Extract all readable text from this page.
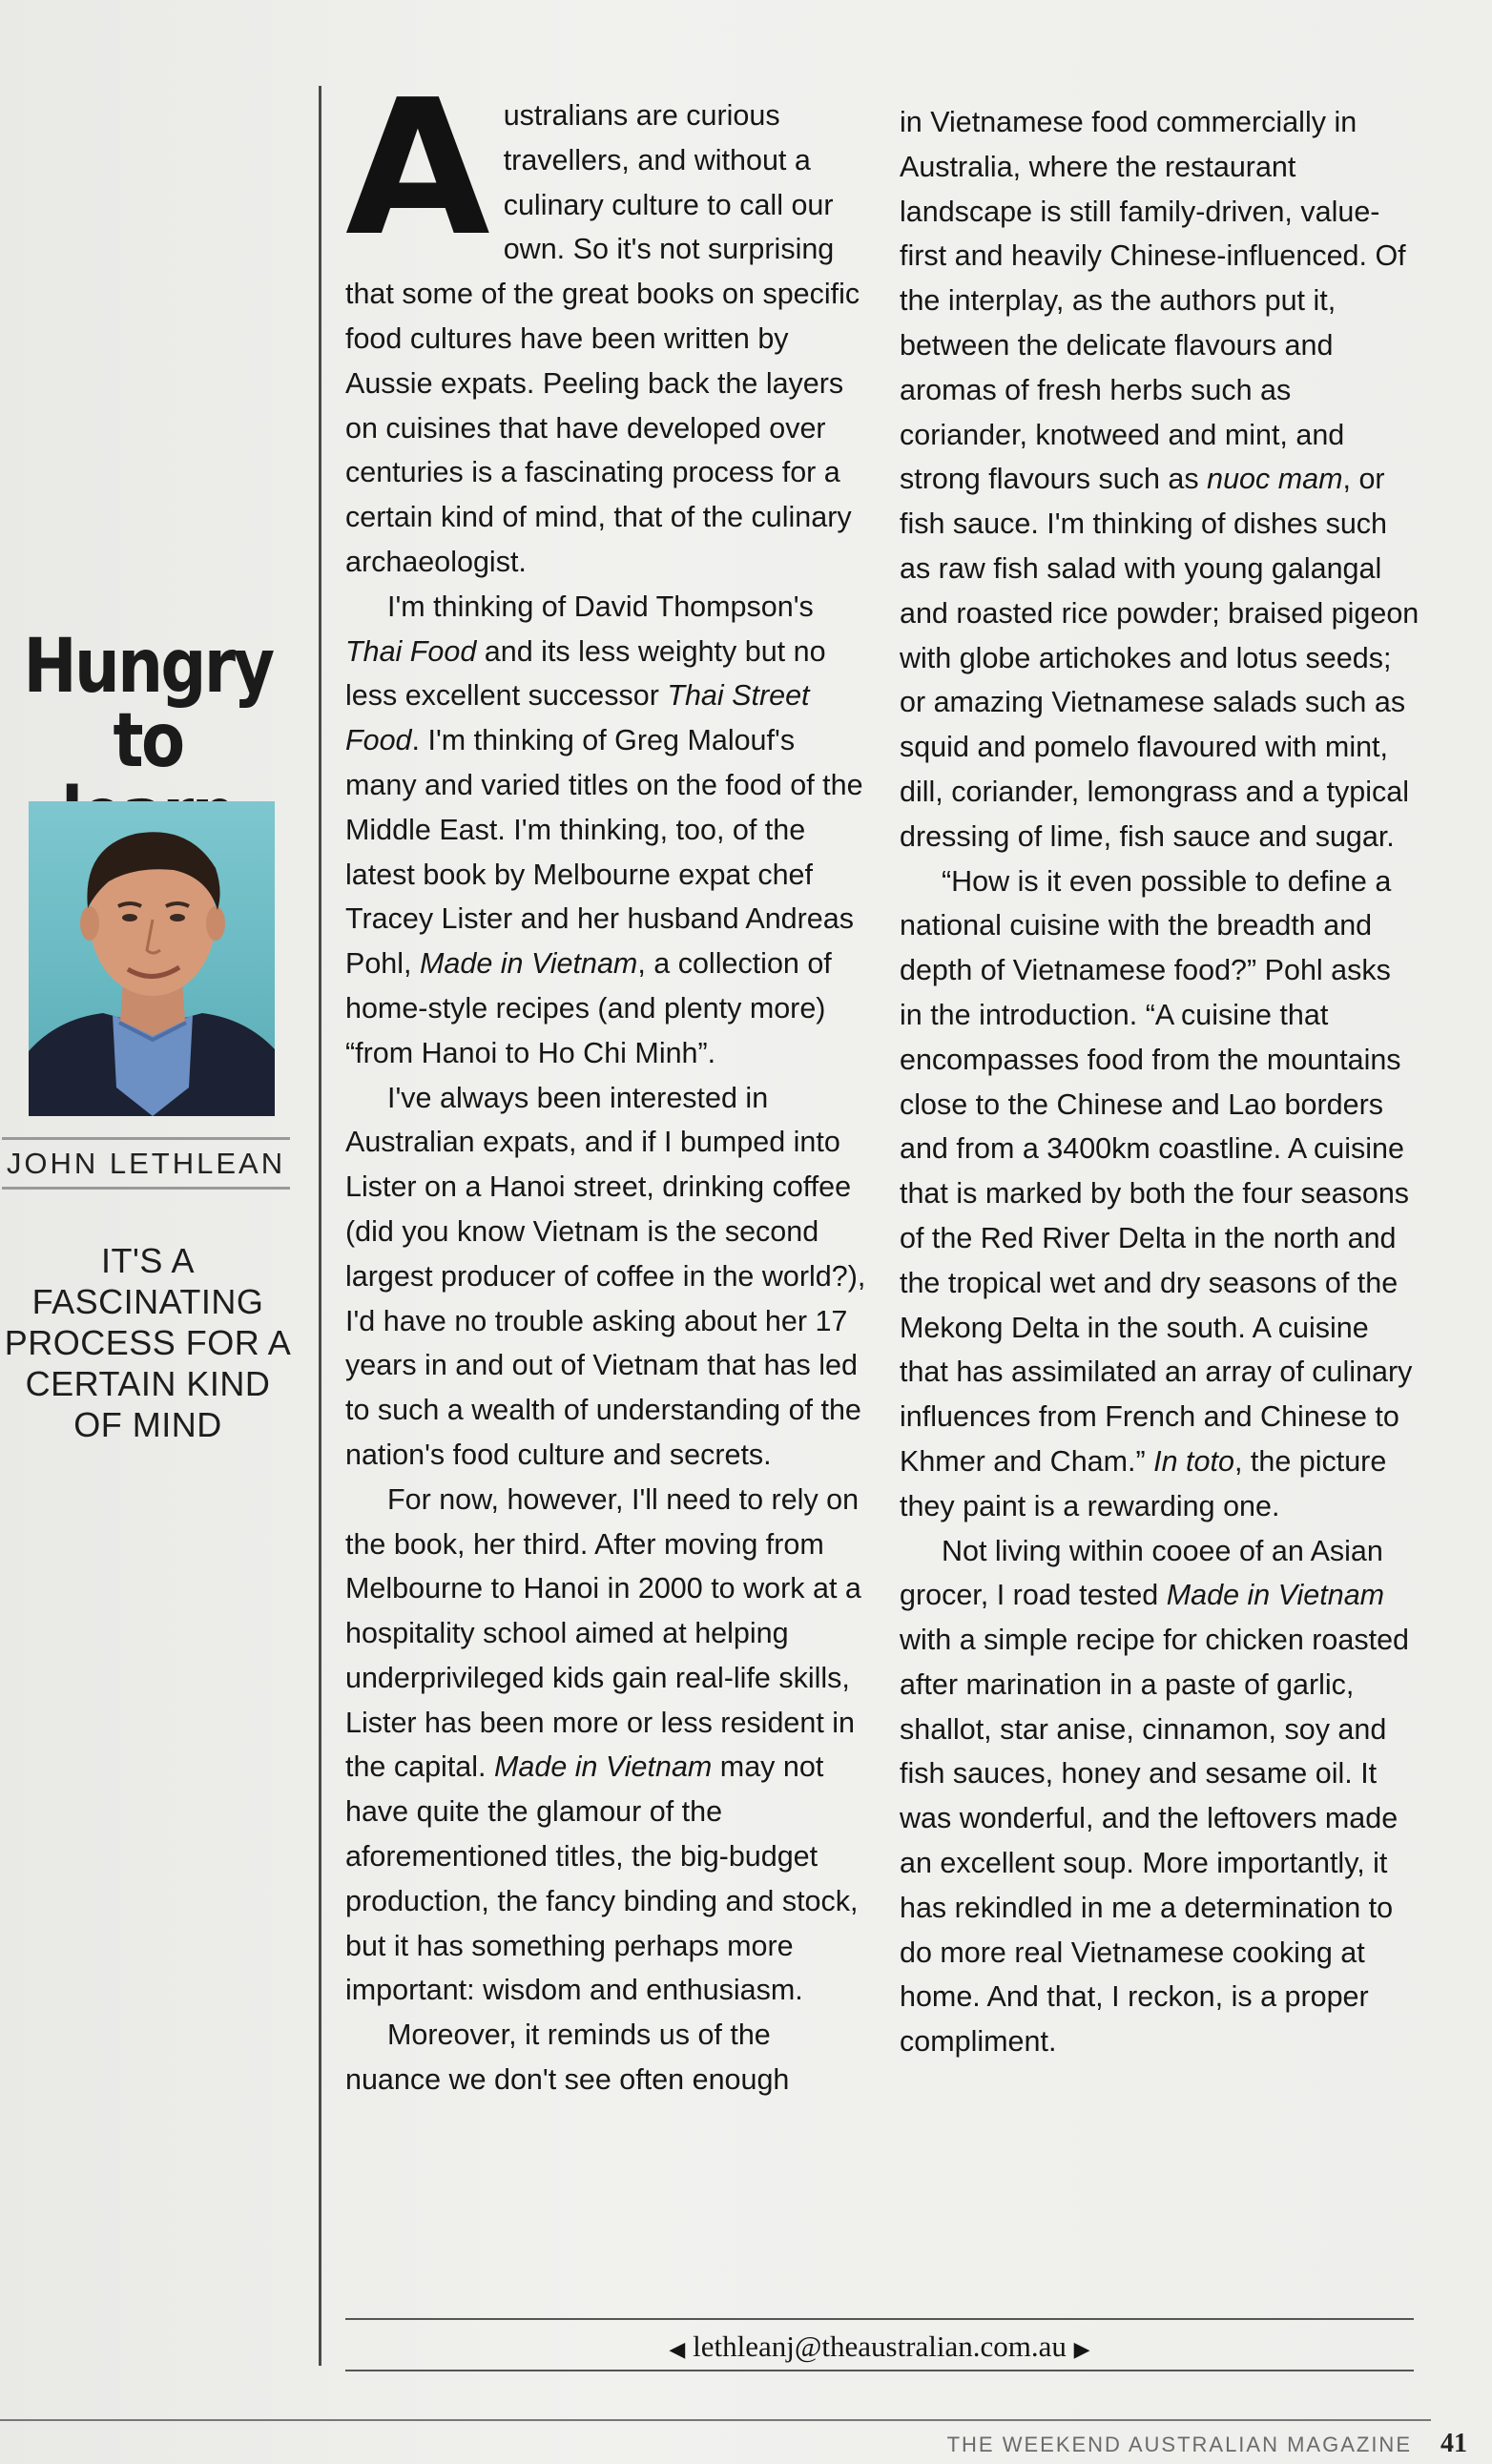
Hungry
to
JOHN LETHLEAN
IT'S A
FASCINATING
PROCESS FOR A
CERTAIN KIND
OF MIND

Australians are curious travellers, and without a culinary culture to call our own. So it's not surprising that some of the great books on specific food cultures have been written by Aussie expats. Peeling back the layers on cuisines that have developed over centuries is a fascinating process for a certain kind of mind, that of the culinary archaeologist.

I'm thinking of David Thompson's Thai Food and its less weighty but no less excellent successor Thai Street Food. I'm thinking of Greg Malouf's many and varied titles on the food of the Middle East. I'm thinking, too, of the latest book by Melbourne expat chef Tracey Lister and her husband Andreas Pohl, Made in Vietnam, a collection of home-style recipes (and plenty more) “from Hanoi to Ho Chi Minh”.

I've always been interested in Australian expats, and if I bumped into Lister on a Hanoi street, drinking coffee (did you know Vietnam is the second largest producer of coffee in the world?), I'd have no trouble asking about her 17 years in and out of Vietnam that has led to such a wealth of understanding of the nation's food culture and secrets.

For now, however, I'll need to rely on the book, her third. After moving from Melbourne to Hanoi in 2000 to work at a hospitality school aimed at helping underprivileged kids gain real-life skills, Lister has been more or less resident in the capital. Made in Vietnam may not have quite the glamour of the aforementioned titles, the big-budget production, the fancy binding and stock, but it has something perhaps more important: wisdom and enthusiasm.

Moreover, it reminds us of the nuance we don't see often enough

in Vietnamese food commercially in Australia, where the restaurant landscape is still family-driven, value-first and heavily Chinese-influenced. Of the interplay, as the authors put it, between the delicate flavours and aromas of fresh herbs such as coriander, knotweed and mint, and strong flavours such as nuoc mam, or fish sauce. I'm thinking of dishes such as raw fish salad with young galangal and roasted rice powder; braised pigeon with globe artichokes and lotus seeds; or amazing Vietnamese salads such as squid and pomelo flavoured with mint, dill, coriander, lemongrass and a typical dressing of lime, fish sauce and sugar.

“How is it even possible to define a national cuisine with the breadth and depth of Vietnamese food?” Pohl asks in the introduction. “A cuisine that encompasses food from the mountains close to the Chinese and Lao borders and from a 3400km coastline. A cuisine that is marked by both the four seasons of the Red River Delta in the north and the tropical wet and dry seasons of the Mekong Delta in the south. A cuisine that has assimilated an array of culinary influences from French and Chinese to Khmer and Cham.” In toto, the picture they paint is a rewarding one.

Not living within cooee of an Asian grocer, I road tested Made in Vietnam with a simple recipe for chicken roasted after marination in a paste of garlic, shallot, star anise, cinnamon, soy and fish sauces, honey and sesame oil. It was wonderful, and the leftovers made an excellent soup. More importantly, it has rekindled in me a determination to do more real Vietnamese cooking at home. And that, I reckon, is a proper compliment.

◀ lethleanj@theaustralian.com.au ▶
THE WEEKEND AUSTRALIAN MAGAZINE 41
